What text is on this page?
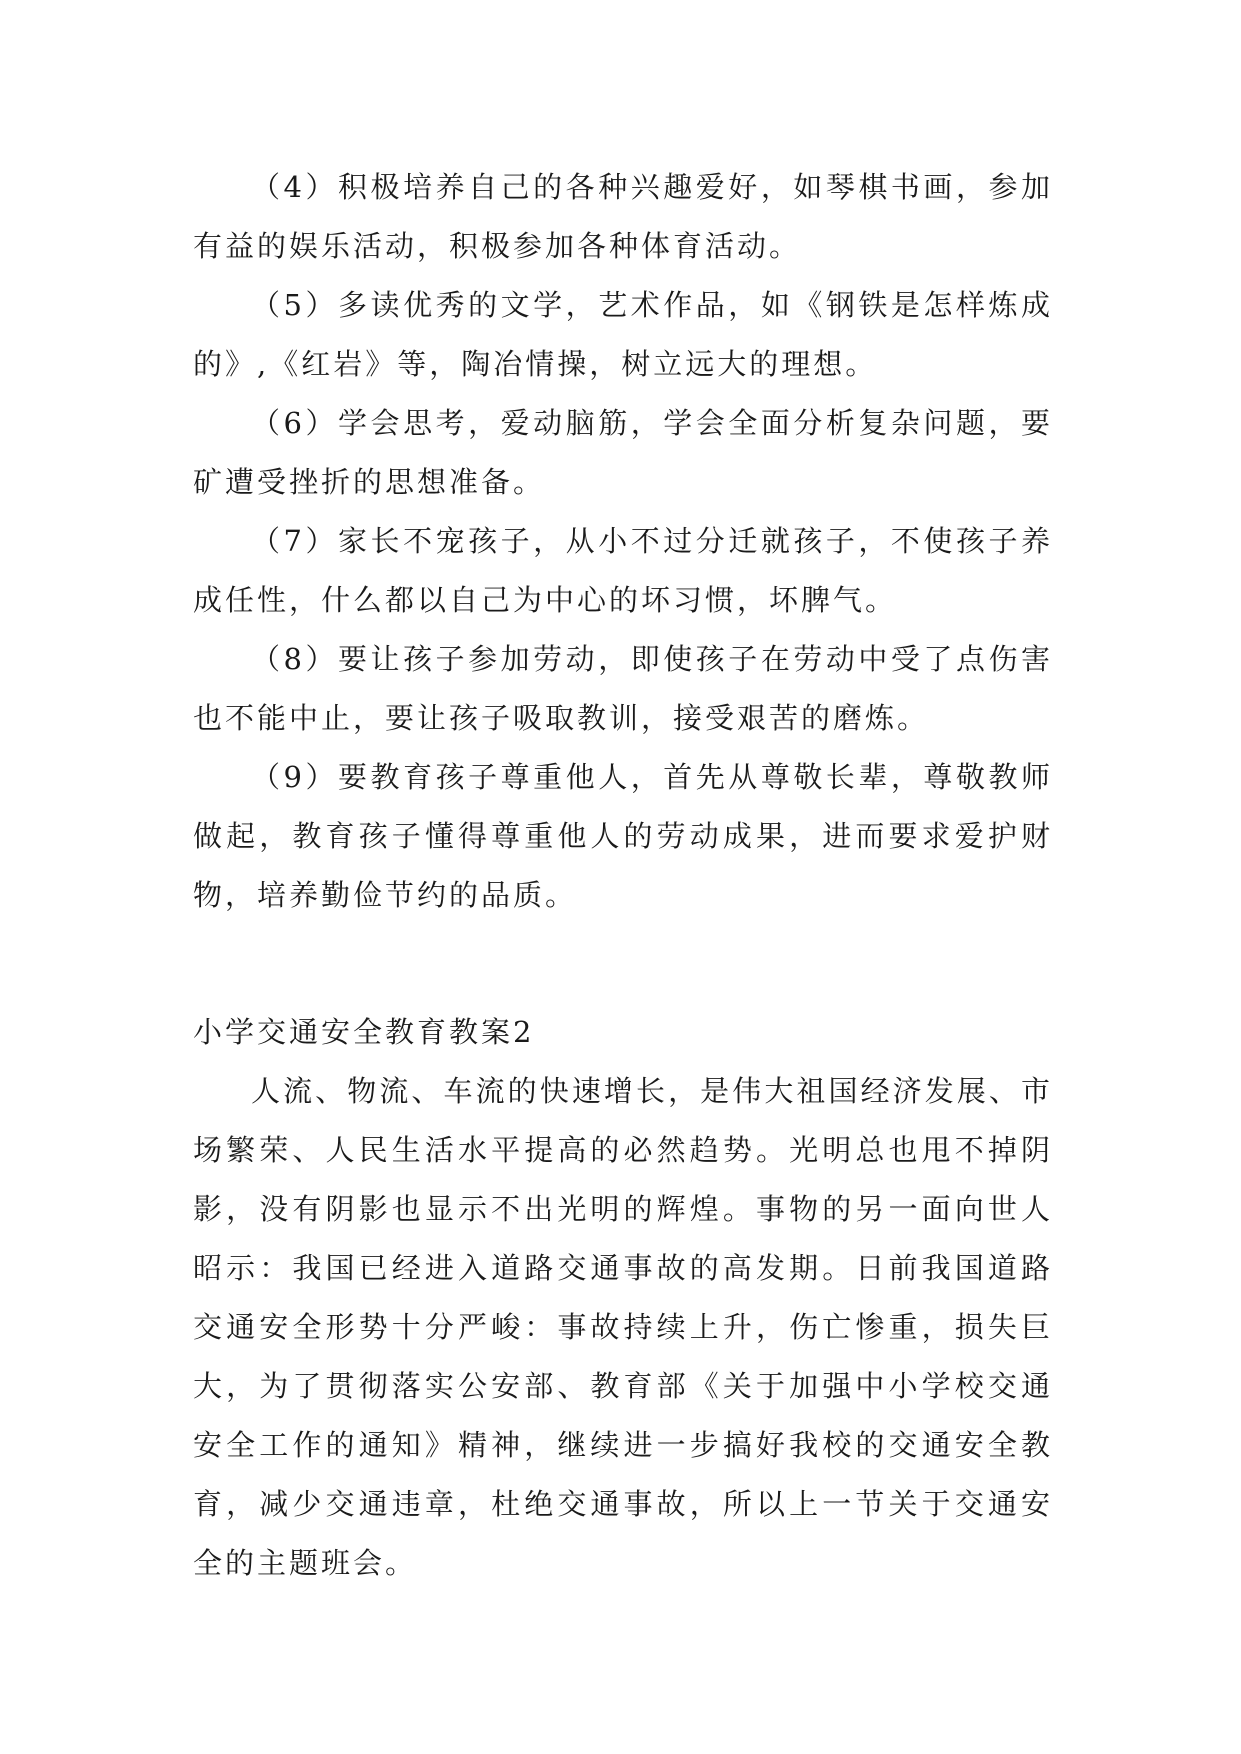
（4）积极培养自己的各种兴趣爱好，如琴棋书画，参加有益的娱乐活动，积极参加各种体育活动。

（5）多读优秀的文学，艺术作品，如《钢铁是怎样炼成的》,《红岩》等，陶冶情操，树立远大的理想。

（6）学会思考，爱动脑筋，学会全面分析复杂问题，要矿遭受挫折的思想准备。

（7）家长不宠孩子，从小不过分迁就孩子，不使孩子养成任性，什么都以自己为中心的坏习惯，坏脾气。

（8）要让孩子参加劳动，即使孩子在劳动中受了点伤害也不能中止，要让孩子吸取教训，接受艰苦的磨炼。

（9）要教育孩子尊重他人，首先从尊敬长辈，尊敬教师做起，教育孩子懂得尊重他人的劳动成果，进而要求爱护财物，培养勤俭节约的品质。

小学交通安全教育教案2

人流、物流、车流的快速增长，是伟大祖国经济发展、市场繁荣、人民生活水平提高的必然趋势。光明总也甩不掉阴影，没有阴影也显示不出光明的辉煌。事物的另一面向世人昭示：我国已经进入道路交通事故的高发期。日前我国道路交通安全形势十分严峻：事故持续上升，伤亡惨重，损失巨大，为了贯彻落实公安部、教育部《关于加强中小学校交通安全工作的通知》精神，继续进一步搞好我校的交通安全教育，减少交通违章，杜绝交通事故，所以上一节关于交通安全的主题班会。
